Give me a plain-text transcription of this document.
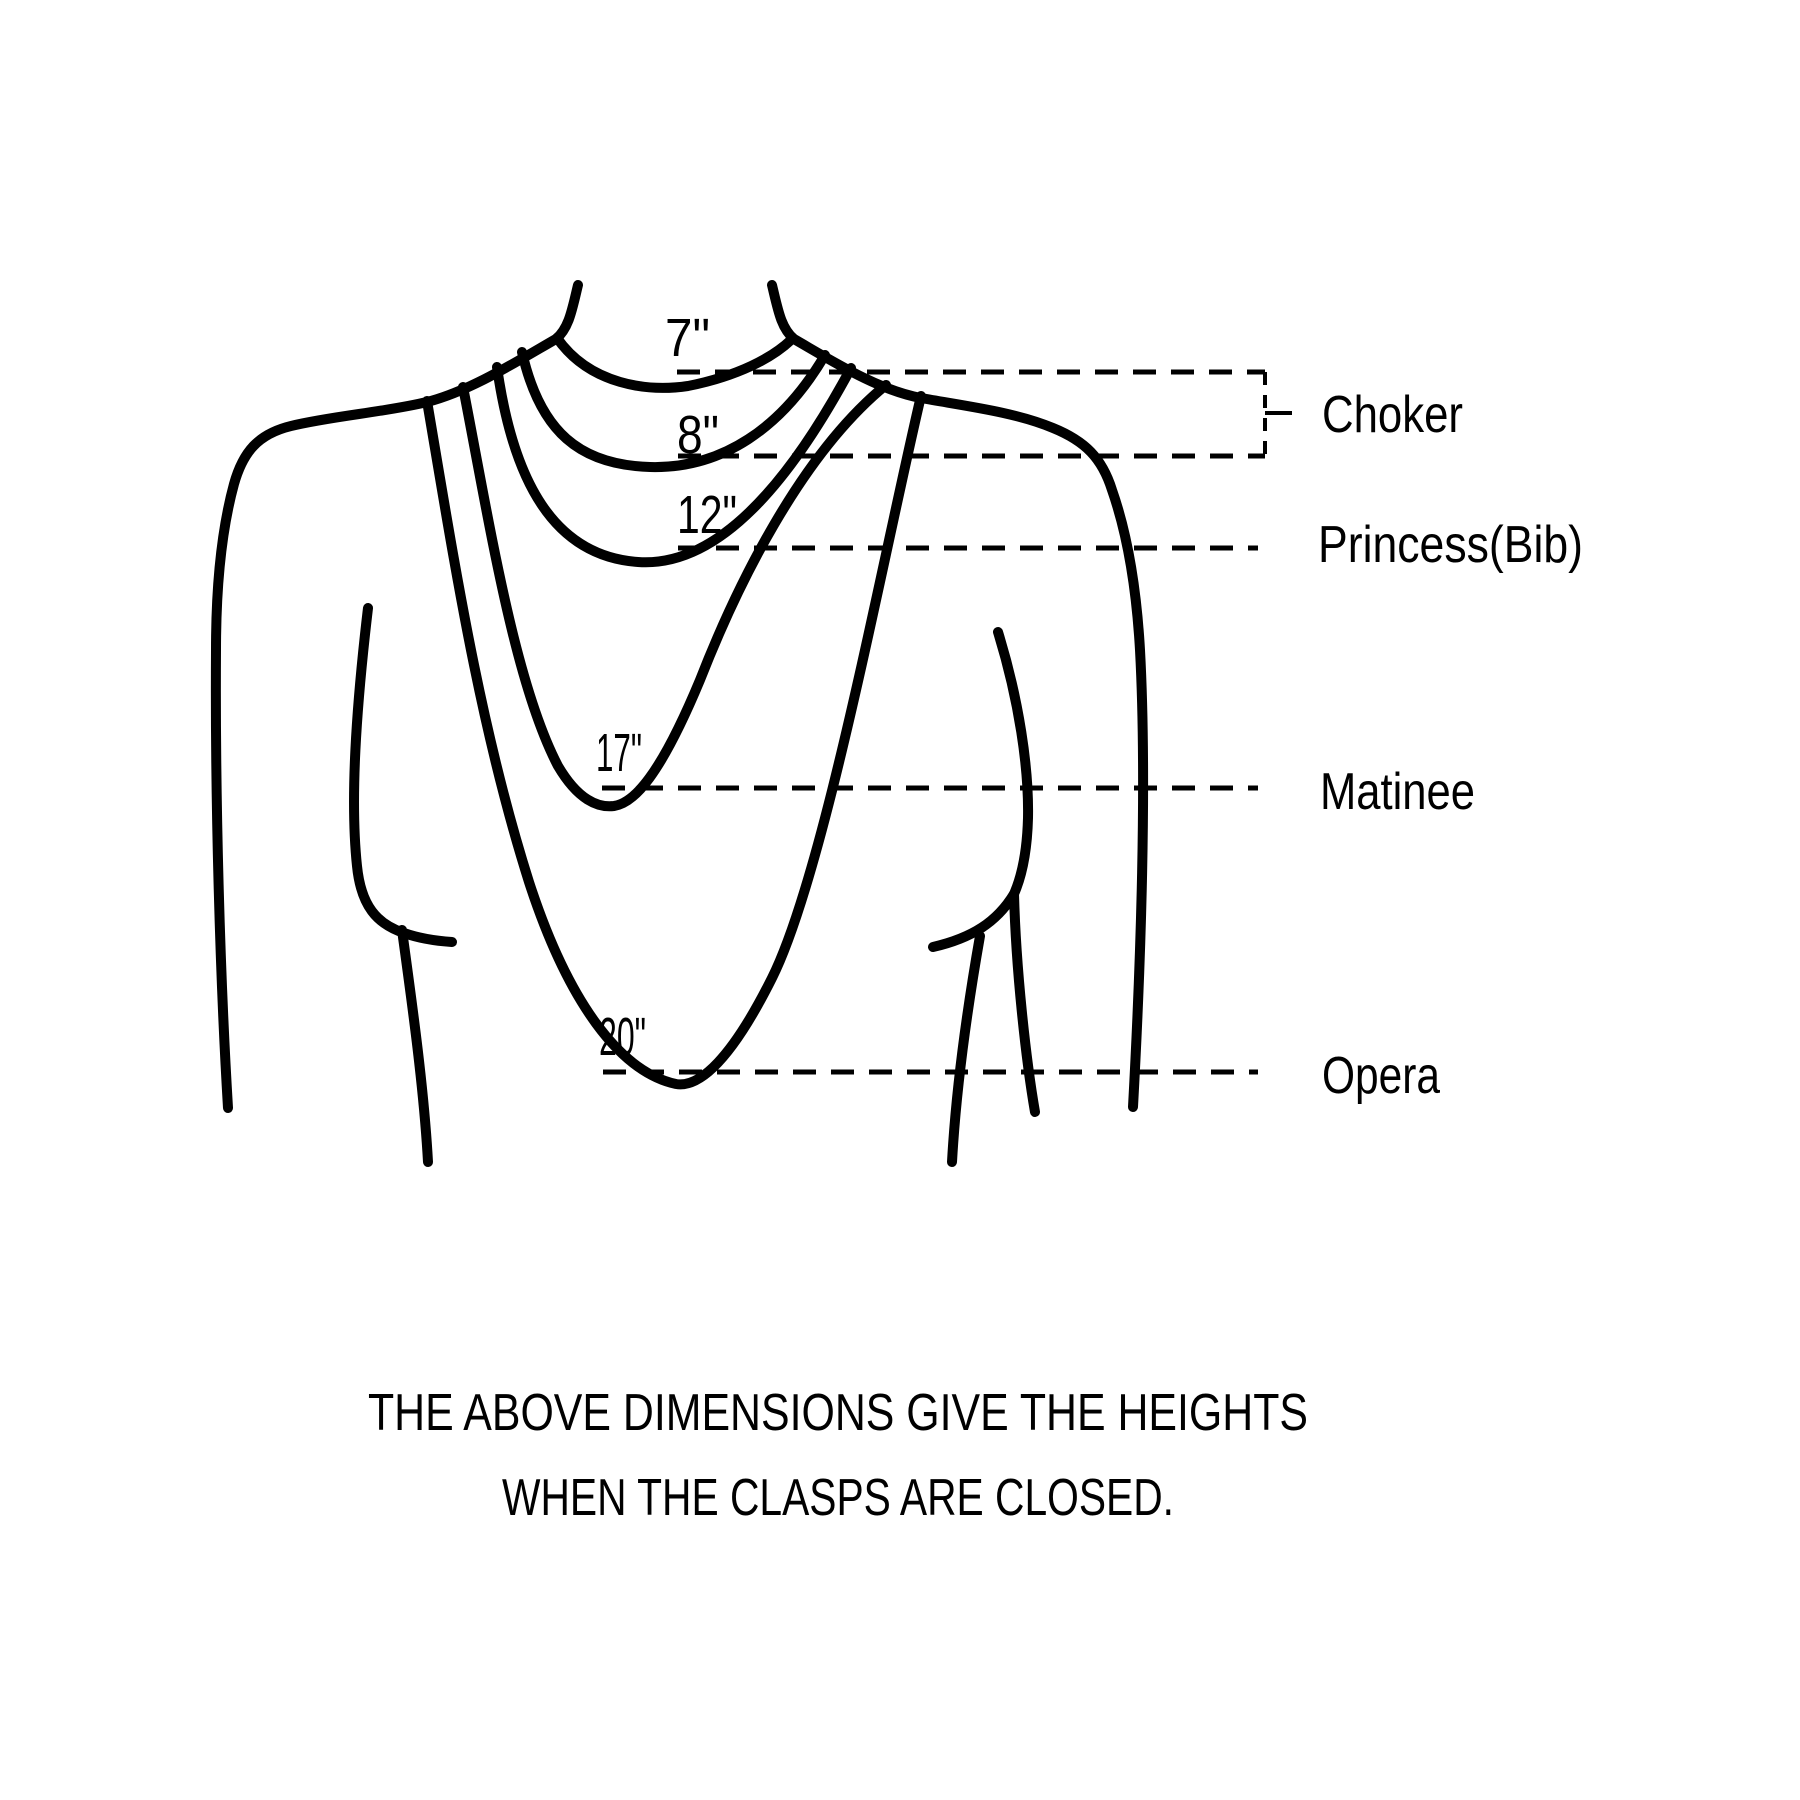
7"
8"
12"
17"
20"
Choker
Princess(Bib)
Matinee
Opera
THE ABOVE DIMENSIONS GIVE THE HEIGHTS
WHEN THE CLASPS ARE CLOSED.
